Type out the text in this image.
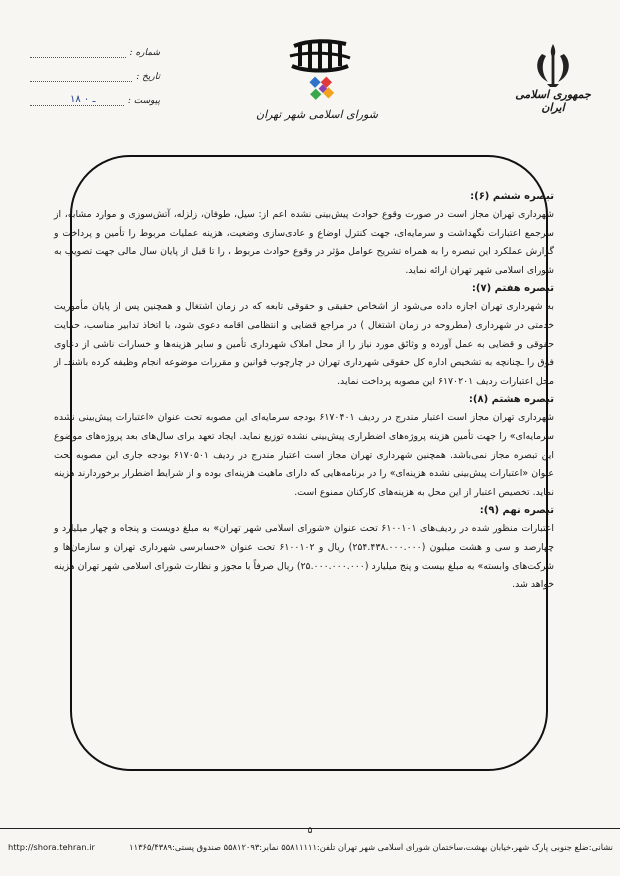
جمهوری اسلامی ایران
شورای اسلامی شهر تهران
شماره :
تاریخ :
پیوست :
۱۸ ـ ۰

تبصره ششم (۶):

شهرداری تهران مجاز است در صورت وقوع حوادث پیش‌بینی نشده اعم از: سیل، طوفان، زلزله، آتش‌سوزی و موارد مشابه، از سرجمع اعتبارات نگهداشت و سرمایه‌ای، جهت کنترل اوضاع و عادی‌سازی وضعیت، هزینه عملیات مربوط را تأمین و پرداخت و گزارش عملکرد این تبصره را به همراه تشریح عوامل مؤثر در وقوع حوادث مربوط ، را تا قبل از پایان سال مالی جهت تصویب به شورای اسلامی شهر تهران ارائه نماید.

تبصره هفتم (۷):

به شهرداری تهران اجازه داده می‌شود از اشخاص حقیقی و حقوقی تابعه که در زمان اشتغال و همچنین پس از پایان مأموریت خدمتی در شهرداری (مطروحه در زمان اشتغال ) در مراجع قضایی و انتظامی اقامه دعوی شود، با اتخاذ تدابیر مناسب، حمایت حقوقی و قضایی به عمل آورده و وثائق مورد نیاز را از محل املاک شهرداری تأمین و سایر هزینه‌ها و خسارات ناشی از دعاوی فوق را ـچنانچه به تشخیص اداره کل حقوقی شهرداری تهران در چارچوب قوانین و مقررات موضوعه انجام وظیفه کرده باشندـ از محل اعتبارات ردیف ۶۱۷۰۲۰۱ این مصوبه پرداخت نماید.

تبصره هشتم (۸):

شهرداری تهران مجاز است اعتبار مندرج در ردیف ۶۱۷۰۴۰۱ بودجه سرمایه‌ای این مصوبه تحت عنوان «اعتبارات پیش‌بینی نشده سرمایه‌ای» را جهت تأمین هزینه پروژه‌های اضطراری پیش‌بینی نشده توزیع نماید. ایجاد تعهد برای سال‌های بعد پروژه‌های موضوع این تبصره مجاز نمی‌باشد. همچنین شهرداری تهران مجاز است اعتبار مندرج در ردیف ۶۱۷۰۵۰۱ بودجه جاری این مصوبه تحت عنوان «اعتبارات پیش‌بینی نشده هزینه‌ای» را در برنامه‌هایی که دارای ماهیت هزینه‌ای بوده و از شرایط اضطرار برخوردارند هزینه نماید. تخصیص اعتبار از این محل به هزینه‌های کارکنان ممنوع است.

تبصره نهم (۹):

اعتبارات منظور شده در ردیف‌های ۶۱۰۰۱۰۱ تحت عنوان «شورای اسلامی شهر تهران» به مبلغ دویست و پنجاه و چهار میلیارد و چهارصد و سی و هشت میلیون (۲۵۴.۴۳۸.۰۰۰.۰۰۰) ریال و ۶۱۰۰۱۰۲ تحت عنوان «حسابرسی شهرداری تهران و سازمان‌ها و شرکت‌های وابسته» به مبلغ بیست و پنج میلیارد (۲۵.۰۰۰.۰۰۰.۰۰۰) ریال صرفاً با مجوز و نظارت شورای اسلامی شهر تهران هزینه خواهد شد.

۵
http://shora.tehran.ir	نشانی:ضلع جنوبی پارک شهر،خیابان بهشت،ساختمان شورای اسلامی شهر تهران تلفن:۵۵۸۱۱۱۱۱ نمابر:۵۵۸۱۲۰۹۳ صندوق پستی:۱۱۳۶۵/۴۳۸۹
